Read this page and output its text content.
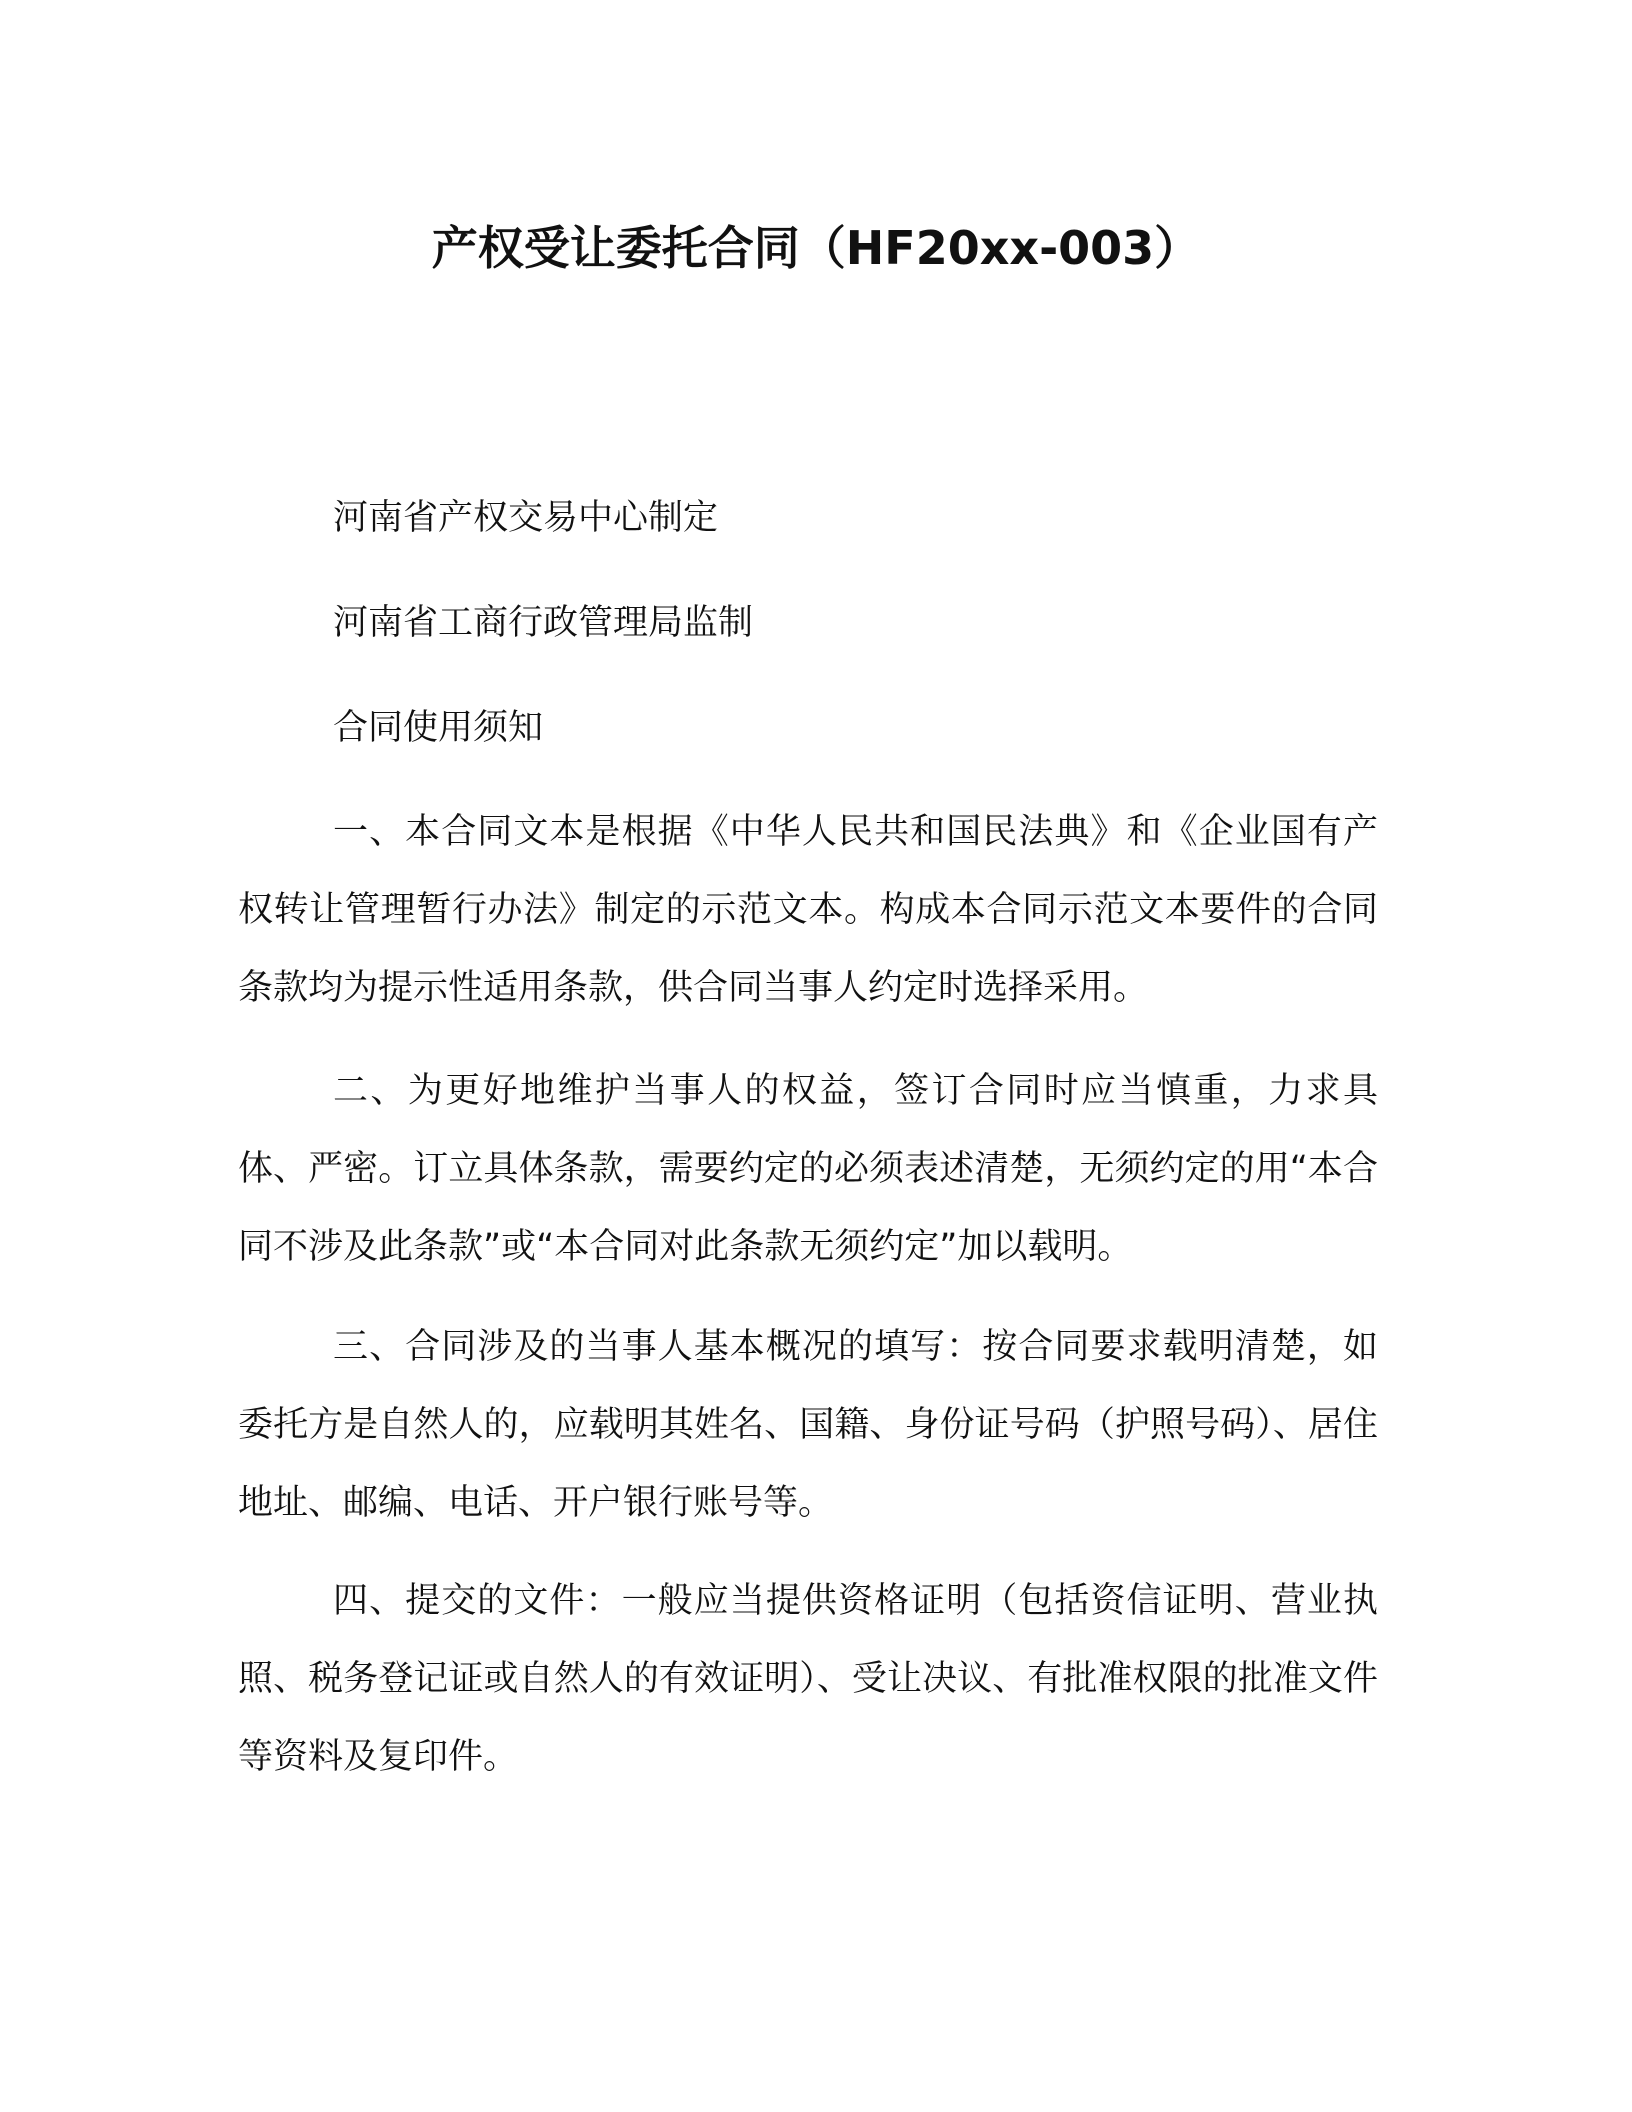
产权受让委托合同（HF20xx-003）

河南省产权交易中心制定

河南省工商行政管理局监制

合同使用须知

一、本合同文本是根据《中华人民共和国民法典》和《企业国有产权转让管理暂行办法》制定的示范文本。构成本合同示范文本要件的合同条款均为提示性适用条款，供合同当事人约定时选择采用。

二、为更好地维护当事人的权益，签订合同时应当慎重，力求具体、严密。订立具体条款，需要约定的必须表述清楚，无须约定的用“本合同不涉及此条款”或“本合同对此条款无须约定”加以载明。

三、合同涉及的当事人基本概况的填写：按合同要求载明清楚，如委托方是自然人的，应载明其姓名、国籍、身份证号码（护照号码）、居住地址、邮编、电话、开户银行账号等。

四、提交的文件：一般应当提供资格证明（包括资信证明、营业执照、税务登记证或自然人的有效证明）、受让决议、有批准权限的批准文件等资料及复印件。
